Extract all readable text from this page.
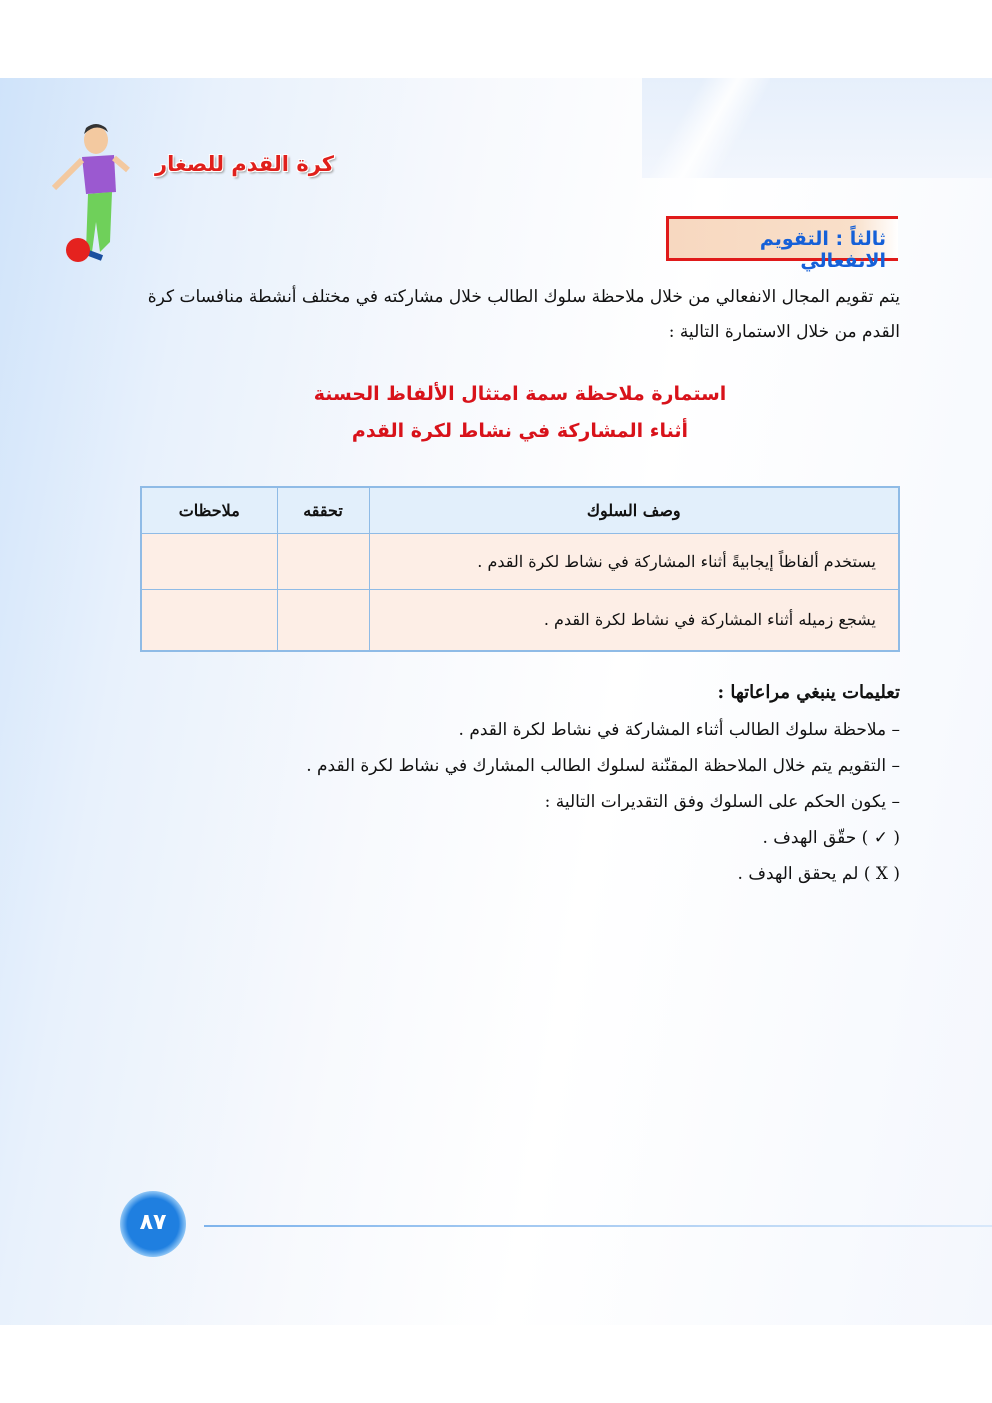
كرة القدم للصغار
ثالثاً : التقويم الانفعالي

يتم تقويم المجال الانفعالي من خلال ملاحظة سلوك الطالب خلال مشاركته في مختلف أنشطة منافسات كرة القدم من خلال الاستمارة التالية :

استمارة ملاحظة سمة امتثال الألفاظ الحسنة
أثناء المشاركة في نشاط لكرة القدم
وصف السلوك	تحققه	ملاحظات
يستخدم ألفاظاً إيجابيةً أثناء المشاركة في نشاط لكرة القدم .		
يشجع زميله أثناء المشاركة في نشاط لكرة القدم .		
تعليمات ينبغي مراعاتها :
– ملاحظة سلوك الطالب أثناء المشاركة في نشاط لكرة القدم .
– التقويم يتم خلال الملاحظة المقنّنة لسلوك الطالب المشارك في نشاط لكرة القدم .
– يكون الحكم على السلوك وفق التقديرات التالية :
( ✓ ) حقّق الهدف .
( X ) لم يحقق الهدف .
٨٧
